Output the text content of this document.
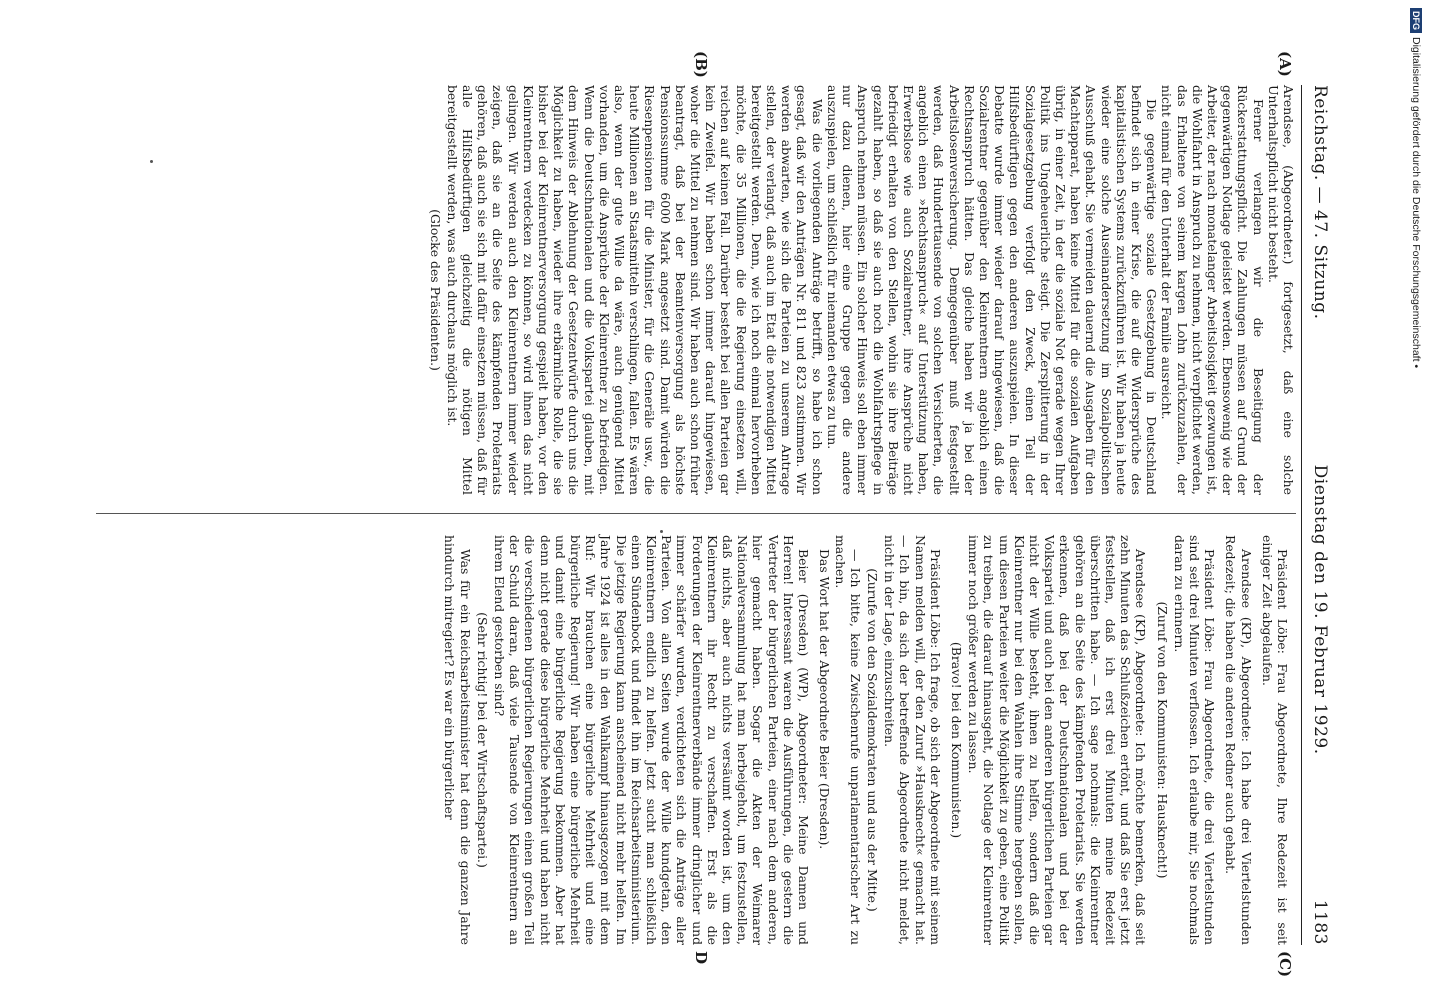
Reichstag. — 47. Sitzung.
Dienstag den 19. Februar 1929.
1183
(A)
(B)
(C)
D

Arendsee, (Abgeordneter.) fortgesetzt, daß eine solche Unterhaltspflicht nicht besteht.

Ferner verlangen wir die Beseitigung der Rückerstattungspflicht. Die Zahlungen müssen auf Grund der gegenwärtigen Notlage geleistet werden. Ebensowenig wie der Arbeiter, der nach monatelanger Arbeitslosigkeit gezwungen ist, die Wohlfahrt in Anspruch zu nehmen, nicht verpflichtet werden, das Erhaltene von seinem kargen Lohn zurückzuzahlen, der nicht einmal für den Unterhalt der Familie ausreicht.

Die gegenwärtige soziale Gesetzgebung in Deutschland befindet sich in einer Krise, die auf die Widersprüche des kapitalistischen Systems zurückzuführen ist. Wir haben ja heute wieder eine solche Auseinandersetzung im Sozialpolitischen Ausschuß gehabt. Sie vermeiden dauernd die Ausgaben für den Machtapparat, haben keine Mittel für die sozialen Aufgaben übrig, in einer Zeit, in der die soziale Not gerade wegen Ihrer Politik ins Ungeheuerliche steigt. Die Zersplitterung in der Sozialgesetzgebung verfolgt den Zweck, einen Teil der Hilfsbedürftigen gegen den anderen auszuspielen. In dieser Debatte wurde immer wieder darauf hingewiesen, daß die Sozialrentner gegenüber den Kleinrentnern angeblich einen Rechtsanspruch hätten. Das gleiche haben wir ja bei der Arbeitslosenversicherung. Demgegenüber muß festgestellt werden, daß Hunderttausende von solchen Versicherten, die angeblich einen »Rechtsanspruch« auf Unterstützung haben, Erwerbslose wie auch Sozialrentner, ihre Ansprüche nicht befriedigt erhalten von den Stellen, wohin sie ihre Beiträge gezahlt haben, so daß sie auch noch die Wohlfahrtspflege in Anspruch nehmen müssen. Ein solcher Hinweis soll eben immer nur dazu dienen, hier eine Gruppe gegen die andere auszuspielen, um schließlich für niemanden etwas zu tun.

Was die vorliegenden Anträge betrifft, so habe ich schon gesagt, daß wir den Anträgen Nr. 811 und 823 zustimmen. Wir werden abwarten, wie sich die Parteien zu unserem Antrage stellen, der verlangt, daß auch im Etat die notwendigen Mittel bereitgestellt werden. Denn, wie ich noch einmal hervorheben möchte, die 35 Millionen, die die Regierung einsetzen will, reichen auf keinen Fall. Darüber besteht bei allen Parteien gar kein Zweifel. Wir haben schon immer darauf hingewiesen, woher die Mittel zu nehmen sind. Wir haben auch schon früher beantragt, daß bei der Beamtenversorgung als höchste Pensionssumme 6000 Mark angesetzt sind. Damit würden die Riesenpensionen für die Minister, für die Generäle usw., die heute Millionen an Staatsmitteln verschlingen, fallen. Es wären also, wenn der gute Wille da wäre, auch genügend Mittel vorhanden, um die Ansprüche der Kleinrentner zu befriedigen. Wenn die Deutschnationalen und die Volkspartei glauben, mit dem Hinweis der Ablehnung der Gesetzentwürfe durch uns die Möglichkeit zu haben, wieder ihre erbärmliche Rolle, die sie bisher bei der Kleinrentnerversorgung gespielt haben, vor den Kleinrentnern verdecken zu können, so wird ihnen das nicht gelingen. Wir werden auch den Kleinrentnern immer wieder zeigen, daß sie an die Seite des kämpfenden Proletariats gehören, daß auch sie sich mit dafür einsetzen müssen, daß für alle Hilfsbedürftigen gleichzeitig die nötigen Mittel bereitgestellt werden, was auch durchaus möglich ist.

(Glocke des Präsidenten.)

Präsident Löbe: Frau Abgeordnete, Ihre Redezeit ist seit einiger Zeit abgelaufen.

Arendsee (KP), Abgeordnete: Ich habe drei Viertelstunden Redezeit; die haben die anderen Redner auch gehabt.

Präsident Löbe: Frau Abgeordnete, die drei Viertelstunden sind seit drei Minuten verflossen. Ich erlaube mir, Sie nochmals daran zu erinnern.

(Zuruf von den Kommunisten: Hausknecht!)

Arendsee (KP), Abgeordnete: Ich möchte bemerken, daß seit zehn Minuten das Schlußzeichen ertönt, und daß Sie erst jetzt feststellen, daß ich erst drei Minuten meine Redezeit überschritten habe. — Ich sage nochmals: die Kleinrentner gehören an die Seite des kämpfenden Proletariats. Sie werden erkennen, daß bei der Deutschnationalen und bei der Volkspartei und auch bei den anderen bürgerlichen Parteien gar nicht der Wille besteht, ihnen zu helfen, sondern daß die Kleinrentner nur bei den Wahlen ihre Stimme hergeben sollen, um diesen Parteien weiter die Möglichkeit zu geben, eine Politik zu treiben, die darauf hinausgeht, die Notlage der Kleinrentner immer noch größer werden zu lassen.

(Bravo! bei den Kommunisten.)

Präsident Löbe: Ich frage, ob sich der Abgeordnete mit seinem Namen melden will, der den Zuruf »Hausknecht« gemacht hat. — Ich bin, da sich der betreffende Abgeordnete nicht meldet, nicht in der Lage, einzuschreiten.

(Zurufe von den Sozialdemokraten und aus der Mitte.)

— Ich bitte, keine Zwischenrufe unparlamentarischer Art zu machen.

Das Wort hat der Abgeordnete Beier (Dresden).

Beier (Dresden) (WP), Abgeordneter: Meine Damen und Herren! Interessant waren die Ausführungen, die gestern die Vertreter der bürgerlichen Parteien, einer nach dem anderen, hier gemacht haben. Sogar die Akten der Weimarer Nationalversammlung hat man herbeigeholt, um festzustellen, daß nichts, aber auch nichts versäumt worden ist, um den Kleinrentnern ihr Recht zu verschaffen. Erst als die Forderungen der Kleinrentnerverbände immer dringlicher und immer schärfer wurden, verdichteten sich die Anträge aller Parteien. Von allen Seiten wurde der Wille kundgetan, den Kleinrentnern endlich zu helfen. Jetzt sucht man schließlich einen Sündenbock und findet ihn im Reichsarbeitsministerium. Die jetzige Regierung kann anscheinend nicht mehr helfen. Im Jahre 1924 ist alles in den Wahlkampf hinausgezogen mit dem Ruf: Wir brauchen eine bürgerliche Mehrheit und eine bürgerliche Regierung! Wir haben eine bürgerliche Mehrheit und damit eine bürgerliche Regierung bekommen. Aber hat denn nicht gerade diese bürgerliche Mehrheit und haben nicht die verschiedenen bürgerlichen Regierungen einen großen Teil der Schuld daran, daß viele Tausende von Kleinrentnern an ihrem Elend gestorben sind?

(Sehr richtig! bei der Wirtschaftspartei.)

Was für ein Reichsarbeitsminister hat denn die ganzen Jahre hindurch mitregiert? Es war ein bürgerlicher

DFG
Digitalisierung gefördert durch die Deutsche Forschungsgemeinschaft •
